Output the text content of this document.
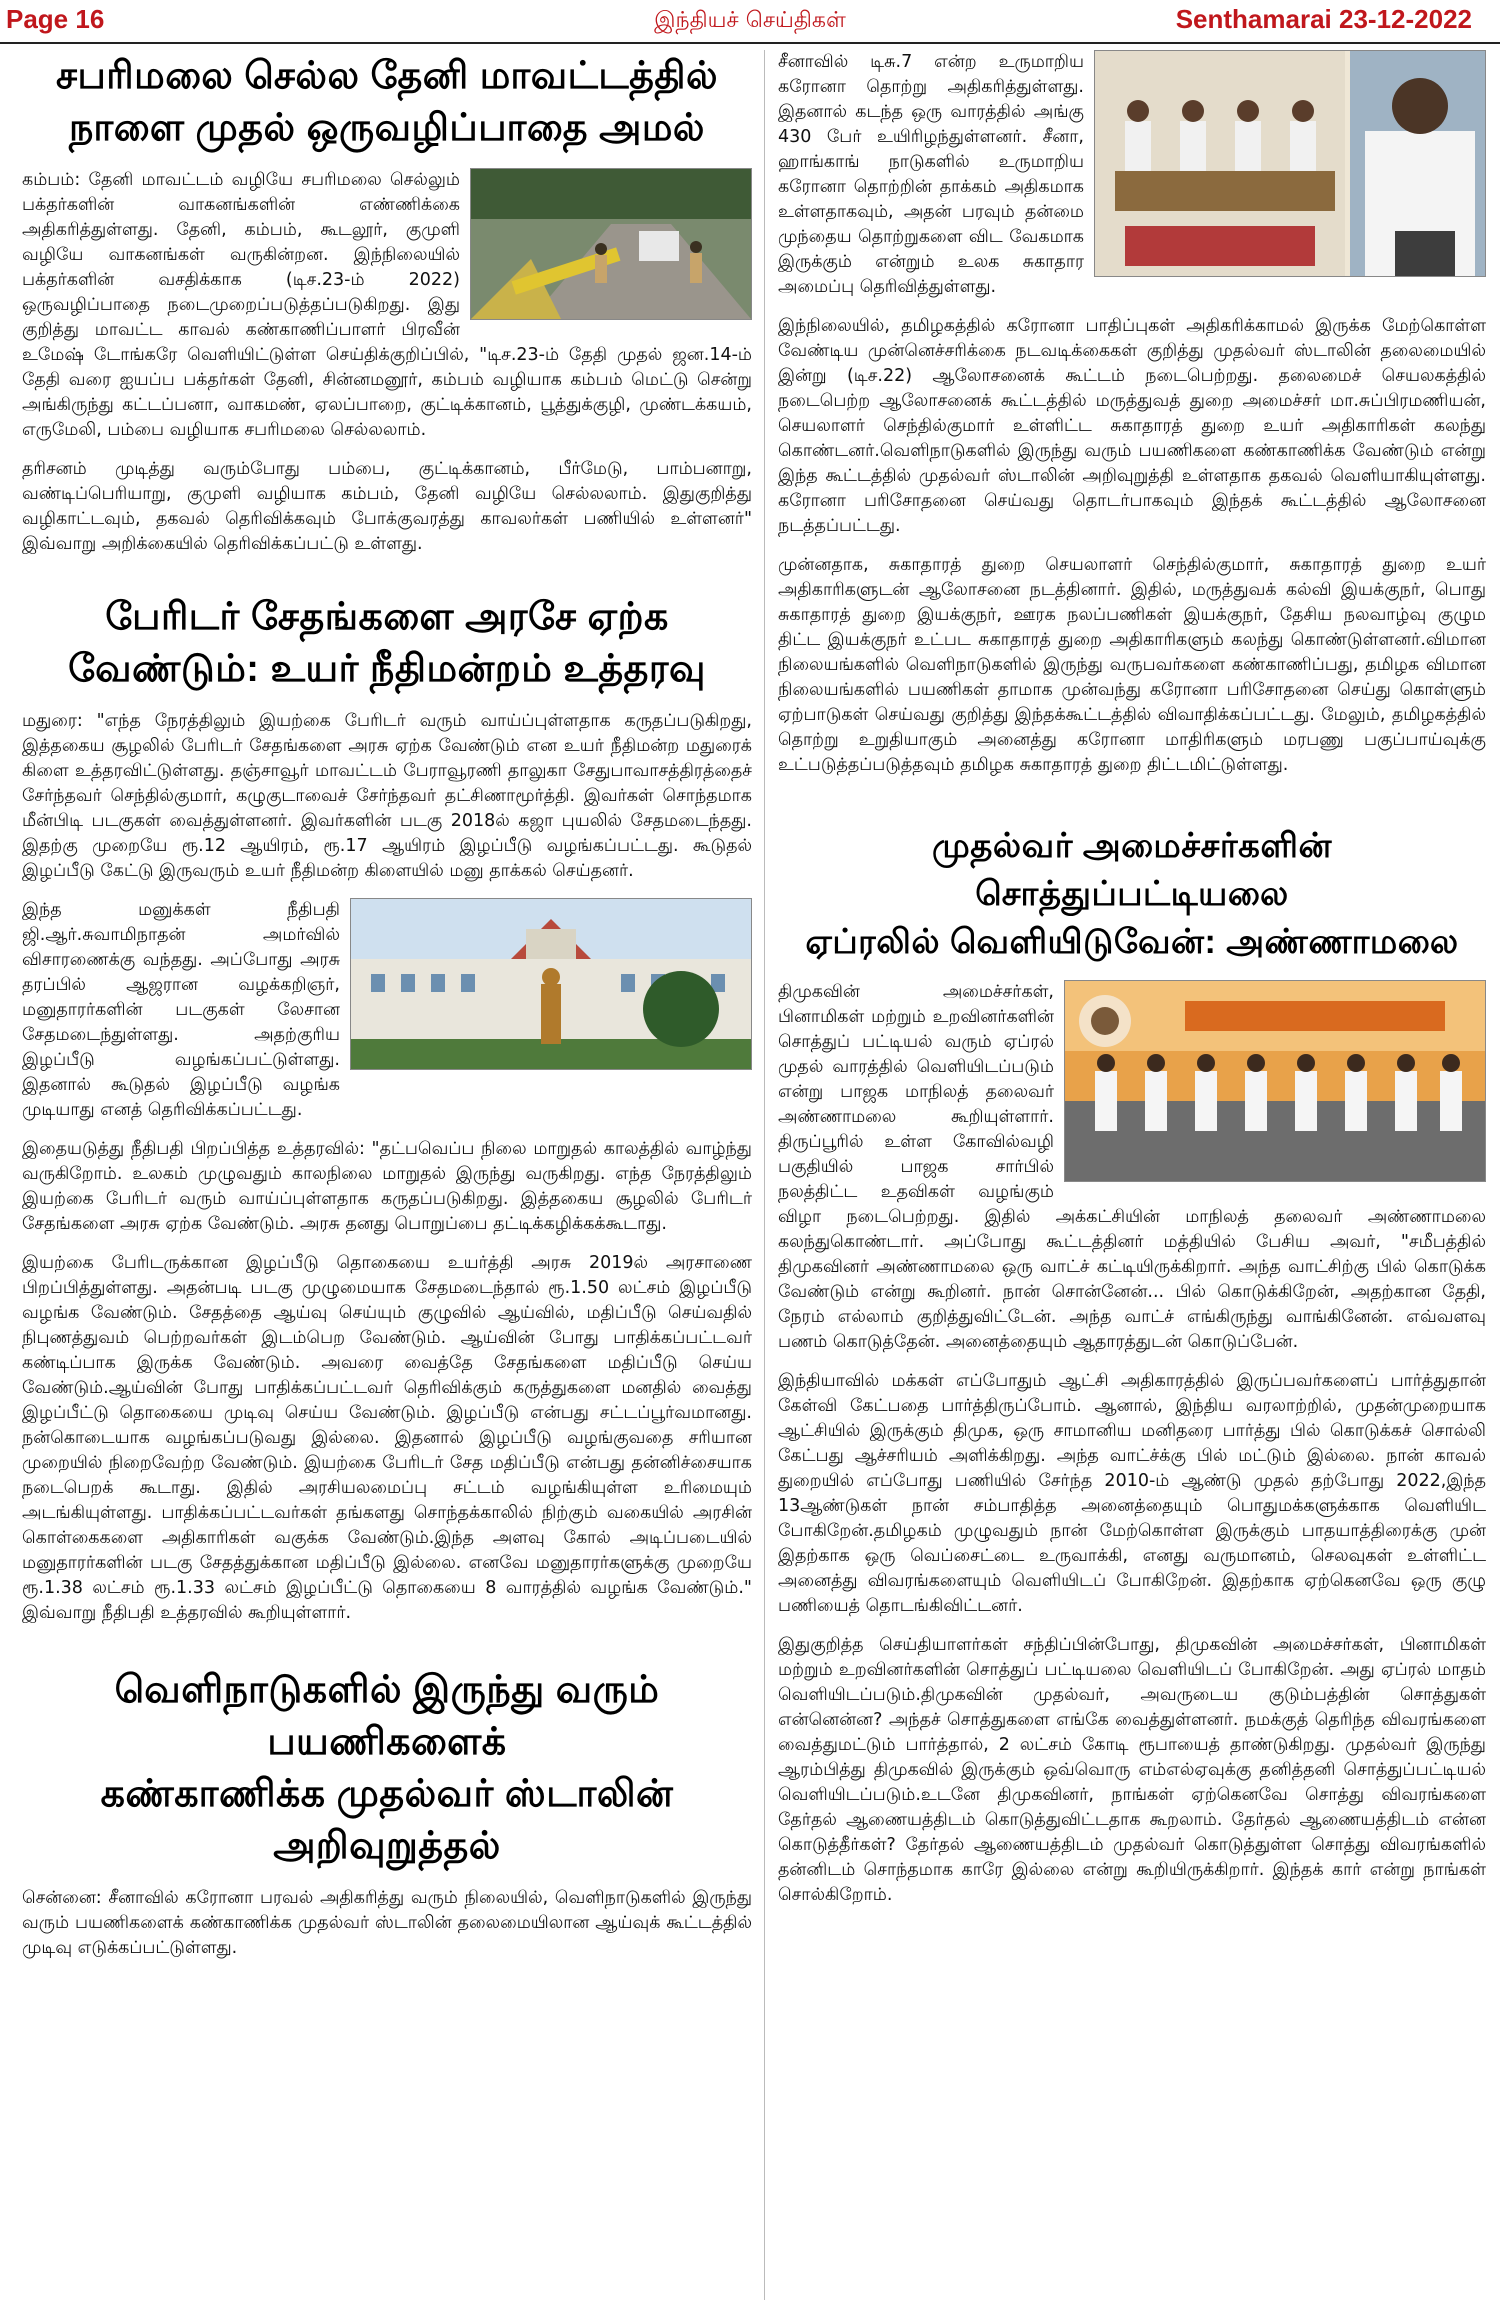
Page 16	இந்தியச் செய்திகள்	Senthamarai 23-12-2022
சபரிமலை செல்ல தேனி மாவட்டத்தில்
நாளை முதல் ஒருவழிப்பாதை அமல்

கம்பம்: தேனி மாவட்டம் வழியே சபரிமலை செல்லும் பக்தர்களின் வாகனங்களின் எண்ணிக்கை அதிகரித்துள்ளது. தேனி, கம்பம், கூடலூர், குமுளி வழியே வாகனங்கள் வருகின்றன. இந்நிலையில் பக்தர்களின் வசதிக்காக (டிச.23-ம் 2022) ஒருவழிப்பாதை நடைமுறைப்படுத்தப்படுகிறது. இது குறித்து மாவட்ட காவல் கண்காணிப்பாளர் பிரவீன் உமேஷ் டோங்கரே வெளியிட்டுள்ள செய்திக்குறிப்பில், "டிச.23-ம் தேதி முதல் ஜன.14-ம் தேதி வரை ஐயப்ப பக்தர்கள் தேனி, சின்னமனூர், கம்பம் வழியாக கம்பம் மெட்டு சென்று அங்கிருந்து கட்டப்பனா, வாகமண், ஏலப்பாறை, குட்டிக்கானம், பூத்துக்குழி, முண்டக்கயம், எருமேலி, பம்பை வழியாக சபரிமலை செல்லலாம்.

தரிசனம் முடித்து வரும்போது பம்பை, குட்டிக்கானம், பீர்மேடு, பாம்பனாறு, வண்டிப்பெரியாறு, குமுளி வழியாக கம்பம், தேனி வழியே செல்லலாம். இதுகுறித்து வழிகாட்டவும், தகவல் தெரிவிக்கவும் போக்குவரத்து காவலர்கள் பணியில் உள்ளனர்" இவ்வாறு அறிக்கையில் தெரிவிக்கப்பட்டு உள்ளது.

பேரிடர் சேதங்களை அரசே ஏற்க
வேண்டும்: உயர் நீதிமன்றம் உத்தரவு

மதுரை: "எந்த நேரத்திலும் இயற்கை பேரிடர் வரும் வாய்ப்புள்ளதாக கருதப்படுகிறது, இத்தகைய சூழலில் பேரிடர் சேதங்களை அரசு ஏற்க வேண்டும் என உயர் நீதிமன்ற மதுரைக் கிளை உத்தரவிட்டுள்ளது. தஞ்சாவூர் மாவட்டம் பேராவூரணி தாலுகா சேதுபாவாசத்திரத்தைச் சேர்ந்தவர் செந்தில்குமார், கழுகுடாவைச் சேர்ந்தவர் தட்சிணாமூர்த்தி. இவர்கள் சொந்தமாக மீன்பிடி படகுகள் வைத்துள்ளனர். இவர்களின் படகு 2018ல் கஜா புயலில் சேதமடைந்தது. இதற்கு முறையே ரூ.12 ஆயிரம், ரூ.17 ஆயிரம் இழப்பீடு வழங்கப்பட்டது. கூடுதல் இழப்பீடு கேட்டு இருவரும் உயர் நீதிமன்ற கிளையில் மனு தாக்கல் செய்தனர்.

இந்த மனுக்கள் நீதிபதி ஜி.ஆர்.சுவாமிநாதன் அமர்வில் விசாரணைக்கு வந்தது. அப்போது அரசு தரப்பில் ஆஜரான வழக்கறிஞர், மனுதாரர்களின் படகுகள் லேசான சேதமடைந்துள்ளது. அதற்குரிய இழப்பீடு வழங்கப்பட்டுள்ளது. இதனால் கூடுதல் இழப்பீடு வழங்க முடியாது எனத் தெரிவிக்கப்பட்டது.

இதையடுத்து நீதிபதி பிறப்பித்த உத்தரவில்: "தட்பவெப்ப நிலை மாறுதல் காலத்தில் வாழ்ந்து வருகிறோம். உலகம் முழுவதும் காலநிலை மாறுதல் இருந்து வருகிறது. எந்த நேரத்திலும் இயற்கை பேரிடர் வரும் வாய்ப்புள்ளதாக கருதப்படுகிறது. இத்தகைய சூழலில் பேரிடர் சேதங்களை அரசு ஏற்க வேண்டும். அரசு தனது பொறுப்பை தட்டிக்கழிக்கக்கூடாது.

இயற்கை பேரிடருக்கான இழப்பீடு தொகையை உயர்த்தி அரசு 2019ல் அரசாணை பிறப்பித்துள்ளது. அதன்படி படகு முழுமையாக சேதமடைந்தால் ரூ.1.50 லட்சம் இழப்பீடு வழங்க வேண்டும். சேதத்தை ஆய்வு செய்யும் குழுவில் ஆய்வில், மதிப்பீடு செய்வதில் நிபுணத்துவம் பெற்றவர்கள் இடம்பெற வேண்டும். ஆய்வின் போது பாதிக்கப்பட்டவர் கண்டிப்பாக இருக்க வேண்டும். அவரை வைத்தே சேதங்களை மதிப்பீடு செய்ய வேண்டும்.ஆய்வின் போது பாதிக்கப்பட்டவர் தெரிவிக்கும் கருத்துகளை மனதில் வைத்து இழப்பீட்டு தொகையை முடிவு செய்ய வேண்டும். இழப்பீடு என்பது சட்டப்பூர்வமானது. நன்கொடையாக வழங்கப்படுவது இல்லை. இதனால் இழப்பீடு வழங்குவதை சரியான முறையில் நிறைவேற்ற வேண்டும். இயற்கை பேரிடர் சேத மதிப்பீடு என்பது தன்னிச்சையாக நடைபெறக் கூடாது. இதில் அரசியலமைப்பு சட்டம் வழங்கியுள்ள உரிமையும் அடங்கியுள்ளது. பாதிக்கப்பட்டவர்கள் தங்களது சொந்தக்காலில் நிற்கும் வகையில் அரசின் கொள்கைகளை அதிகாரிகள் வகுக்க வேண்டும்.இந்த அளவு கோல் அடிப்படையில் மனுதாரர்களின் படகு சேதத்துக்கான மதிப்பீடு இல்லை. எனவே மனுதாரர்களுக்கு முறையே ரூ.1.38 லட்சம் ரூ.1.33 லட்சம் இழப்பீட்டு தொகையை 8 வாரத்தில் வழங்க வேண்டும்." இவ்வாறு நீதிபதி உத்தரவில் கூறியுள்ளார்.

வெளிநாடுகளில் இருந்து வரும் பயணிகளைக்
கண்காணிக்க முதல்வர் ஸ்டாலின் அறிவுறுத்தல்

சென்னை: சீனாவில் கரோனா பரவல் அதிகரித்து வரும் நிலையில், வெளிநாடுகளில் இருந்து வரும் பயணிகளைக் கண்காணிக்க முதல்வர் ஸ்டாலின் தலைமையிலான ஆய்வுக் கூட்டத்தில் முடிவு எடுக்கப்பட்டுள்ளது.

சீனாவில் டிசு.7 என்ற உருமாறிய கரோனா தொற்று அதிகரித்துள்ளது. இதனால் கடந்த ஒரு வாரத்தில் அங்கு 430 பேர் உயிரிழந்துள்ளனர். சீனா, ஹாங்காங் நாடுகளில் உருமாறிய கரோனா தொற்றின் தாக்கம் அதிகமாக உள்ளதாகவும், அதன் பரவும் தன்மை முந்தைய தொற்றுகளை விட வேகமாக இருக்கும் என்றும் உலக சுகாதார அமைப்பு தெரிவித்துள்ளது.

இந்நிலையில், தமிழகத்தில் கரோனா பாதிப்புகள் அதிகரிக்காமல் இருக்க மேற்கொள்ள வேண்டிய முன்னெச்சரிக்கை நடவடிக்கைகள் குறித்து முதல்வர் ஸ்டாலின் தலைமையில் இன்று (டிச.22) ஆலோசனைக் கூட்டம் நடைபெற்றது. தலைமைச் செயலகத்தில் நடைபெற்ற ஆலோசனைக் கூட்டத்தில் மருத்துவத் துறை அமைச்சர் மா.சுப்பிரமணியன், செயலாளர் செந்தில்குமார் உள்ளிட்ட சுகாதாரத் துறை உயர் அதிகாரிகள் கலந்து கொண்டனர்.வெளிநாடுகளில் இருந்து வரும் பயணிகளை கண்காணிக்க வேண்டும் என்று இந்த கூட்டத்தில் முதல்வர் ஸ்டாலின் அறிவுறுத்தி உள்ளதாக தகவல் வெளியாகியுள்ளது. கரோனா பரிசோதனை செய்வது தொடர்பாகவும் இந்தக் கூட்டத்தில் ஆலோசனை நடத்தப்பட்டது.

முன்னதாக, சுகாதாரத் துறை செயலாளர் செந்தில்குமார், சுகாதாரத் துறை உயர் அதிகாரிகளுடன் ஆலோசனை நடத்தினார். இதில், மருத்துவக் கல்வி இயக்குநர், பொது சுகாதாரத் துறை இயக்குநர், ஊரக நலப்பணிகள் இயக்குநர், தேசிய நலவாழ்வு குழும திட்ட இயக்குநர் உட்பட சுகாதாரத் துறை அதிகாரிகளும் கலந்து கொண்டுள்ளனர்.விமான நிலையங்களில் வெளிநாடுகளில் இருந்து வருபவர்களை கண்காணிப்பது, தமிழக விமான நிலையங்களில் பயணிகள் தாமாக முன்வந்து கரோனா பரிசோதனை செய்து கொள்ளும் ஏற்பாடுகள் செய்வது குறித்து இந்தக்கூட்டத்தில் விவாதிக்கப்பட்டது. மேலும், தமிழகத்தில் தொற்று உறுதியாகும் அனைத்து கரோனா மாதிரிகளும் மரபணு பகுப்பாய்வுக்கு உட்படுத்தப்படுத்தவும் தமிழக சுகாதாரத் துறை திட்டமிட்டுள்ளது.

முதல்வர் அமைச்சர்களின் சொத்துப்பட்டியலை
ஏப்ரலில் வெளியிடுவேன்: அண்ணாமலை

திமுகவின் அமைச்சர்கள், பினாமிகள் மற்றும் உறவினர்களின் சொத்துப் பட்டியல் வரும் ஏப்ரல் முதல் வாரத்தில் வெளியிடப்படும் என்று பாஜக மாநிலத் தலைவர் அண்ணாமலை கூறியுள்ளார். திருப்பூரில் உள்ள கோவில்வழி பகுதியில் பாஜக சார்பில் நலத்திட்ட உதவிகள் வழங்கும் விழா நடைபெற்றது. இதில் அக்கட்சியின் மாநிலத் தலைவர் அண்ணாமலை கலந்துகொண்டார். அப்போது கூட்டத்தினர் மத்தியில் பேசிய அவர், "சமீபத்தில் திமுகவினர் அண்ணாமலை ஒரு வாட்ச் கட்டியிருக்கிறார். அந்த வாட்சிற்கு பில் கொடுக்க வேண்டும் என்று கூறினர். நான் சொன்னேன்... பில் கொடுக்கிறேன், அதற்கான தேதி, நேரம் எல்லாம் குறித்துவிட்டேன். அந்த வாட்ச் எங்கிருந்து வாங்கினேன். எவ்வளவு பணம் கொடுத்தேன். அனைத்தையும் ஆதாரத்துடன் கொடுப்பேன்.

இந்தியாவில் மக்கள் எப்போதும் ஆட்சி அதிகாரத்தில் இருப்பவர்களைப் பார்த்துதான் கேள்வி கேட்பதை பார்த்திருப்போம். ஆனால், இந்திய வரலாற்றில், முதன்முறையாக ஆட்சியில் இருக்கும் திமுக, ஒரு சாமானிய மனிதரை பார்த்து பில் கொடுக்கச் சொல்லி கேட்பது ஆச்சரியம் அளிக்கிறது. அந்த வாட்ச்க்கு பில் மட்டும் இல்லை. நான் காவல் துறையில் எப்போது பணியில் சேர்ந்த 2010-ம் ஆண்டு முதல் தற்போது 2022,இந்த 13ஆண்டுகள் நான் சம்பாதித்த அனைத்தையும் பொதுமக்களுக்காக வெளியிட போகிறேன்.தமிழகம் முழுவதும் நான் மேற்கொள்ள இருக்கும் பாதயாத்திரைக்கு முன் இதற்காக ஒரு வெப்சைட்டை உருவாக்கி, எனது வருமானம், செலவுகள் உள்ளிட்ட அனைத்து விவரங்களையும் வெளியிடப் போகிறேன். இதற்காக ஏற்கெனவே ஒரு குழு பணியைத் தொடங்கிவிட்டனர்.

இதுகுறித்த செய்தியாளர்கள் சந்திப்பின்போது, திமுகவின் அமைச்சர்கள், பினாமிகள் மற்றும் உறவினர்களின் சொத்துப் பட்டியலை வெளியிடப் போகிறேன். அது ஏப்ரல் மாதம் வெளியிடப்படும்.திமுகவின் முதல்வர், அவருடைய குடும்பத்தின் சொத்துகள் என்னென்ன? அந்தச் சொத்துகளை எங்கே வைத்துள்ளனர். நமக்குத் தெரிந்த விவரங்களை வைத்துமட்டும் பார்த்தால், 2 லட்சம் கோடி ரூபாயைத் தாண்டுகிறது. முதல்வர் இருந்து ஆரம்பித்து திமுகவில் இருக்கும் ஒவ்வொரு எம்எல்ஏவுக்கு தனித்தனி சொத்துப்பட்டியல் வெளியிடப்படும்.உடனே திமுகவினர், நாங்கள் ஏற்கெனவே சொத்து விவரங்களை தேர்தல் ஆணையத்திடம் கொடுத்துவிட்டதாக கூறலாம். தேர்தல் ஆணையத்திடம் என்ன கொடுத்தீர்கள்? தேர்தல் ஆணையத்திடம் முதல்வர் கொடுத்துள்ள சொத்து விவரங்களில் தன்னிடம் சொந்தமாக காரே இல்லை என்று கூறியிருக்கிறார். இந்தக் கார் என்று நாங்கள் சொல்கிறோம்.
